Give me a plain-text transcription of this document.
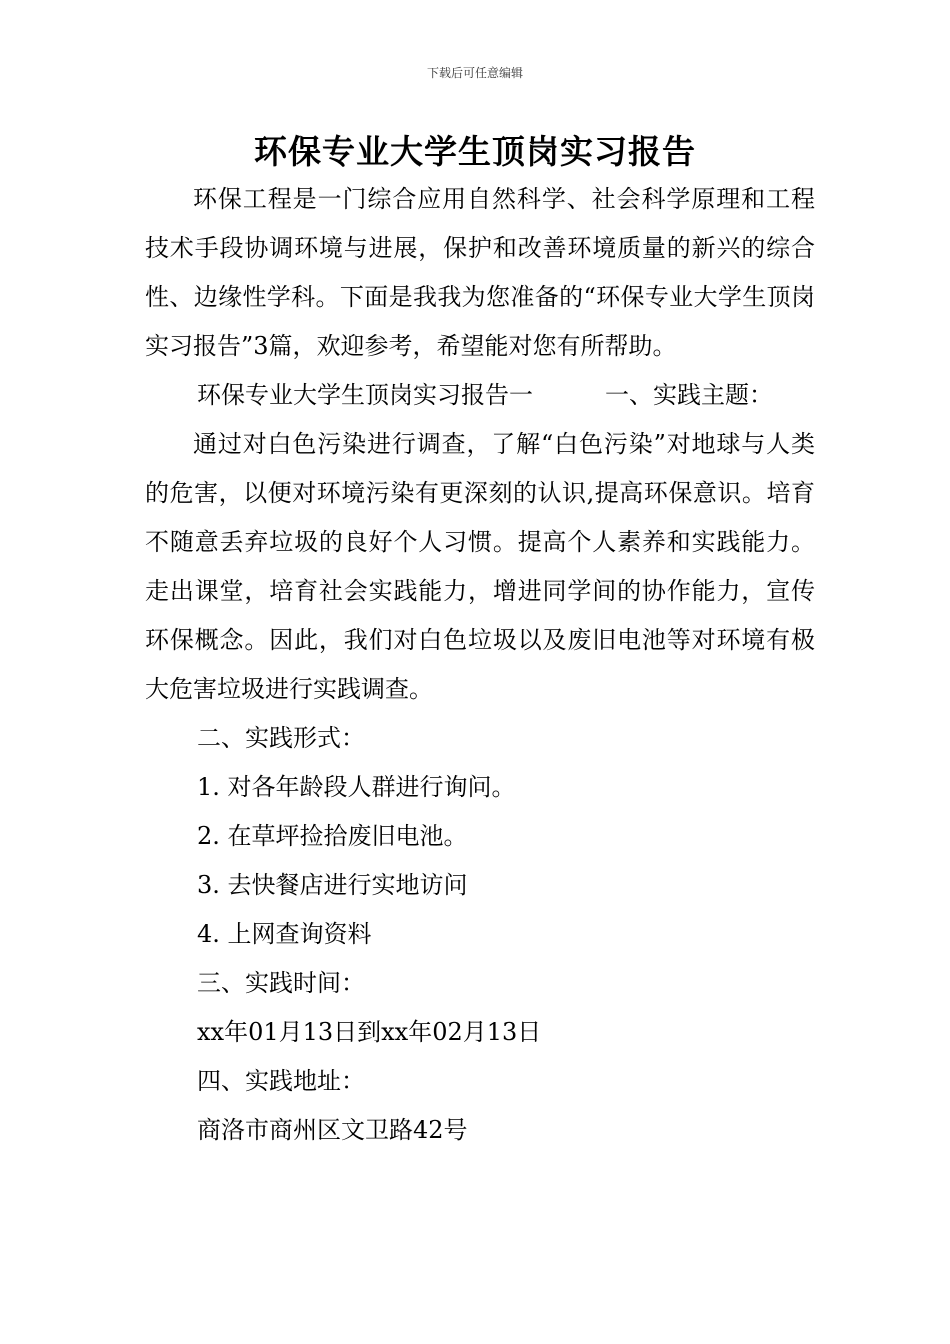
下载后可任意编辑
环保专业大学生顶岗实习报告

环保工程是一门综合应用自然科学、社会科学原理和工程技术手段协调环境与进展，保护和改善环境质量的新兴的综合性、边缘性学科。下面是我我为您准备的“环保专业大学生顶岗实习报告”3篇，欢迎参考，希望能对您有所帮助。

环保专业大学生顶岗实习报告一　　　一、实践主题：

通过对白色污染进行调查，了解“白色污染”对地球与人类的危害，以便对环境污染有更深刻的认识,提高环保意识。培育不随意丢弃垃圾的良好个人习惯。提高个人素养和实践能力。走出课堂，培育社会实践能力，增进同学间的协作能力，宣传环保概念。因此，我们对白色垃圾以及废旧电池等对环境有极大危害垃圾进行实践调查。

二、实践形式：

1. 对各年龄段人群进行询问。

2. 在草坪捡拾废旧电池。

3. 去快餐店进行实地访问

4. 上网查询资料

三、实践时间：

xx年01月13日到xx年02月13日

四、实践地址：

商洛市商州区文卫路42号
